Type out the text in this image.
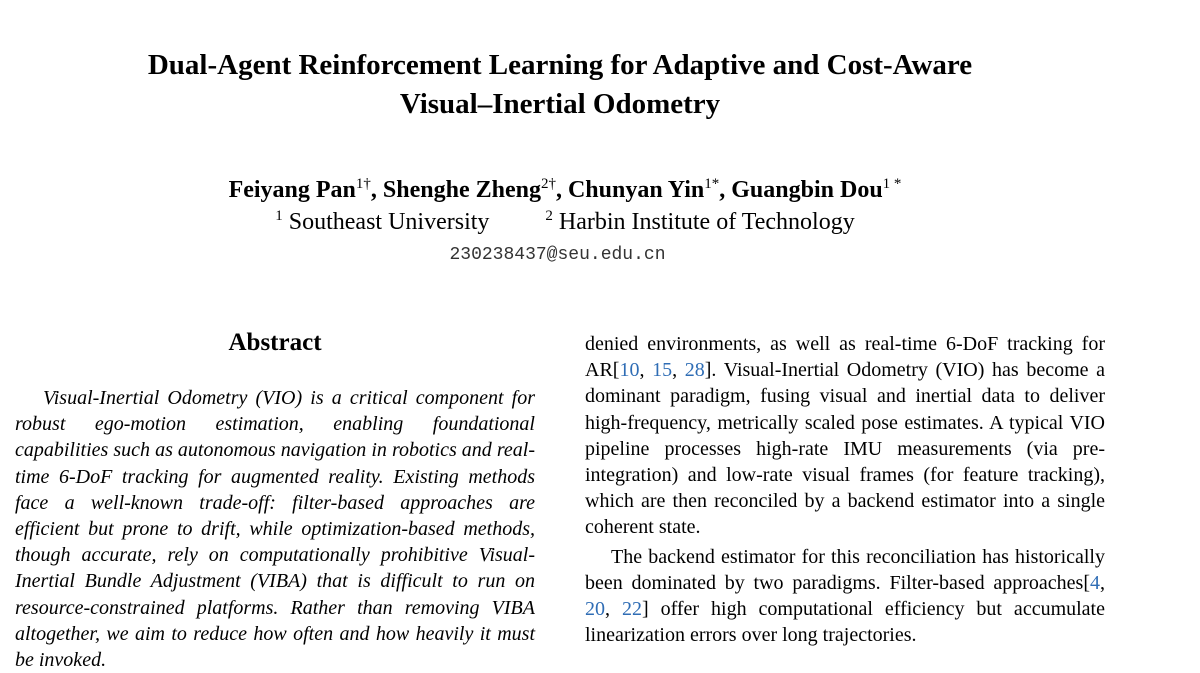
Dual-Agent Reinforcement Learning for Adaptive and Cost-Aware
Visual–Inertial Odometry
Feiyang Pan$^{1\dagger}$, Shenghe Zheng$^{2\dagger}$, Chunyan Yin$^{1*}$, Guangbin Dou$^{1 *}$
$^1$ Southeast University	$^2$ Harbin Institute of Technology
230238437@seu.edu.cn
Abstract

Visual-Inertial Odometry (VIO) is a critical component for robust ego-motion estimation, enabling foundational capabilities such as autonomous navigation in robotics and real-time 6-DoF tracking for augmented reality. Existing methods face a well-known trade-off: filter-based approaches are efficient but prone to drift, while optimization-based methods, though accurate, rely on computationally prohibitive Visual-Inertial Bundle Adjustment (VIBA) that is difficult to run on resource-constrained platforms. Rather than removing VIBA altogether, we aim to reduce how often and how heavily it must be invoked.

denied environments, as well as real-time 6-DoF tracking for AR[10, 15, 28]. Visual-Inertial Odometry (VIO) has become a dominant paradigm, fusing visual and inertial data to deliver high-frequency, metrically scaled pose estimates. A typical VIO pipeline processes high-rate IMU measurements (via pre-integration) and low-rate visual frames (for feature tracking), which are then reconciled by a backend estimator into a single coherent state.

The backend estimator for this reconciliation has historically been dominated by two paradigms. Filter-based approaches[4, 20, 22] offer high computational efficiency but accumulate linearization errors over long trajectories.
